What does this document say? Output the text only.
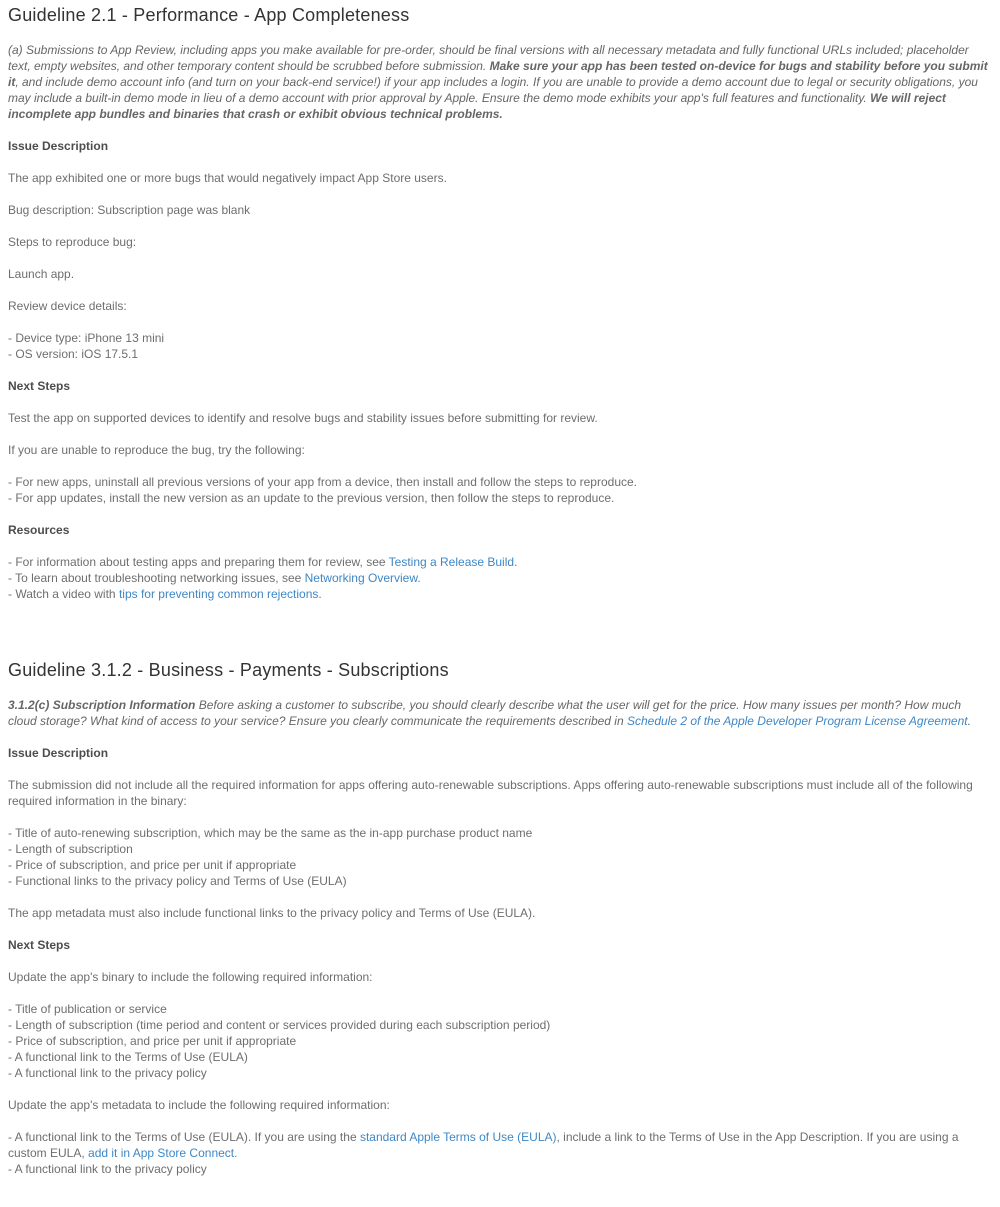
Guideline 2.1 - Performance - App Completeness

(a) Submissions to App Review, including apps you make available for pre-order, should be final versions with all necessary metadata and fully functional URLs included; placeholder text, empty websites, and other temporary content should be scrubbed before submission. Make sure your app has been tested on-device for bugs and stability before you submit it, and include demo account info (and turn on your back-end service!) if your app includes a login. If you are unable to provide a demo account due to legal or security obligations, you may include a built-in demo mode in lieu of a demo account with prior approval by Apple. Ensure the demo mode exhibits your app's full features and functionality. We will reject incomplete app bundles and binaries that crash or exhibit obvious technical problems.

Issue Description

The app exhibited one or more bugs that would negatively impact App Store users.

Bug description: Subscription page was blank

Steps to reproduce bug:

Launch app.

Review device details:

- Device type: iPhone 13 mini
- OS version: iOS 17.5.1

Next Steps

Test the app on supported devices to identify and resolve bugs and stability issues before submitting for review.

If you are unable to reproduce the bug, try the following:

- For new apps, uninstall all previous versions of your app from a device, then install and follow the steps to reproduce.
- For app updates, install the new version as an update to the previous version, then follow the steps to reproduce.

Resources

- For information about testing apps and preparing them for review, see Testing a Release Build.
- To learn about troubleshooting networking issues, see Networking Overview.
- Watch a video with tips for preventing common rejections.

Guideline 3.1.2 - Business - Payments - Subscriptions

3.1.2(c) Subscription Information Before asking a customer to subscribe, you should clearly describe what the user will get for the price. How many issues per month? How much cloud storage? What kind of access to your service? Ensure you clearly communicate the requirements described in Schedule 2 of the Apple Developer Program License Agreement.

Issue Description

The submission did not include all the required information for apps offering auto-renewable subscriptions. Apps offering auto-renewable subscriptions must include all of the following required information in the binary:

- Title of auto-renewing subscription, which may be the same as the in-app purchase product name
- Length of subscription
- Price of subscription, and price per unit if appropriate
- Functional links to the privacy policy and Terms of Use (EULA)

The app metadata must also include functional links to the privacy policy and Terms of Use (EULA).

Next Steps

Update the app's binary to include the following required information:

- Title of publication or service
- Length of subscription (time period and content or services provided during each subscription period)
- Price of subscription, and price per unit if appropriate
- A functional link to the Terms of Use (EULA)
- A functional link to the privacy policy

Update the app's metadata to include the following required information:

- A functional link to the Terms of Use (EULA). If you are using the standard Apple Terms of Use (EULA), include a link to the Terms of Use in the App Description. If you are using a custom EULA, add it in App Store Connect.
- A functional link to the privacy policy
